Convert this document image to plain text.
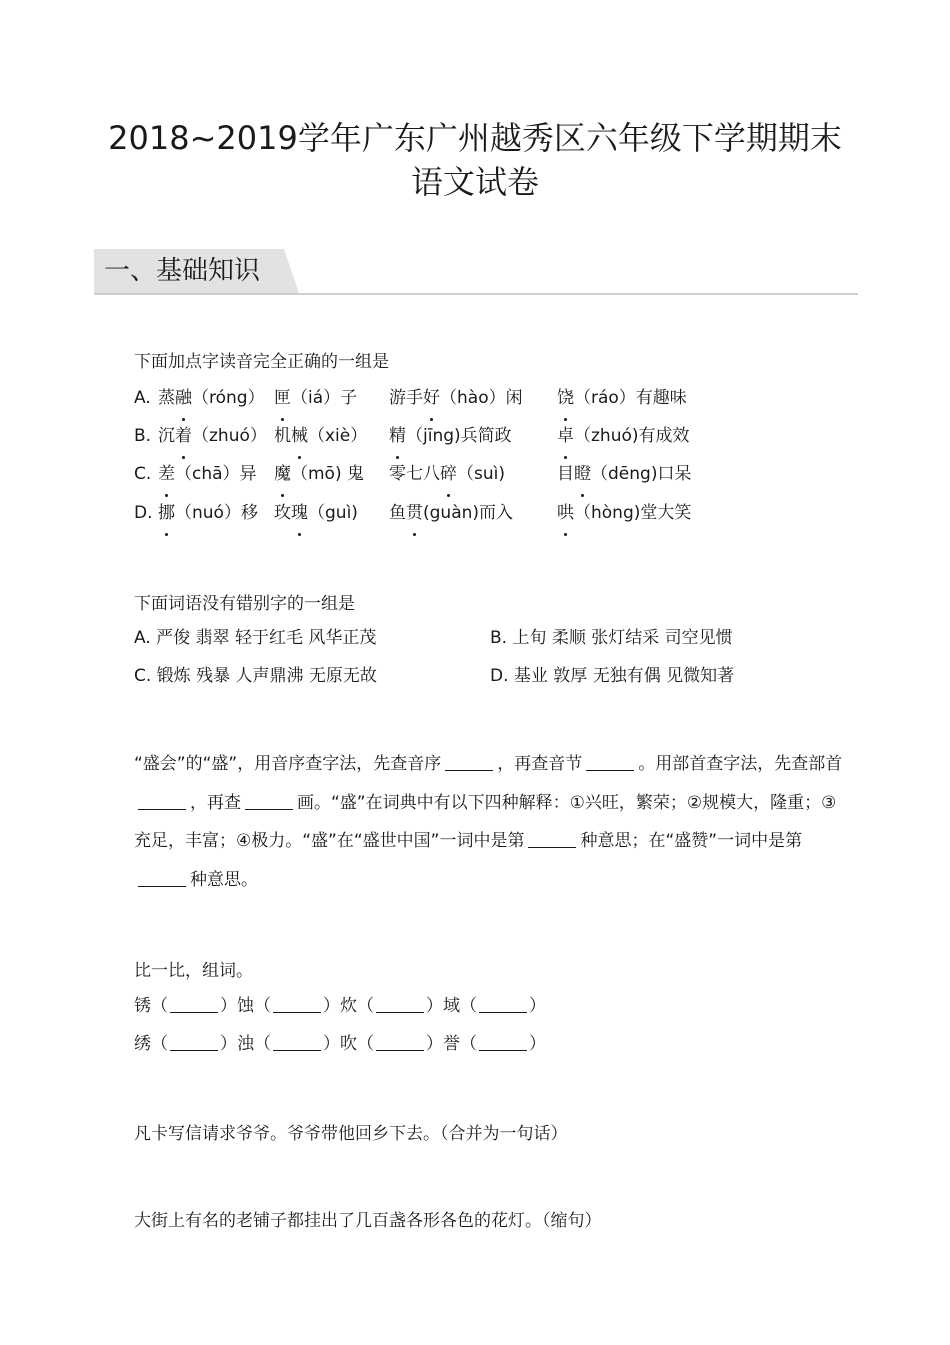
2018~2019学年广东广州越秀区六年级下学期期末
语文试卷
一、基础知识
下面加点字读音完全正确的一组是
A. 蒸融（róng） 匣（iá）子 游手好（hào）闲 饶（ráo）有趣味
B. 沉着（zhuó） 机械（xiè） 精（jīng)兵简政	卓（zhuó)有成效
C. 差（chā）异 魔（mō) 鬼 零七八碎（suì)	目瞪（dēng)口呆
D. 挪（nuó）移 玫瑰（guì) 鱼贯(guàn)而入	哄（hòng)堂大笑
下面词语没有错别字的一组是
A. 严俊 翡翠 轻于红毛 风华正茂	B. 上旬 柔顺 张灯结采 司空见惯
C. 锻炼 残暴 人声鼎沸 无原无故	D. 基业 敦厚 无独有偶 见微知著
“盛会”的“盛”，用音序查字法，先查音序	，再查音节	。用部首查字法，先查部首，再查	画。“盛”在词典中有以下四种解释：①兴旺，繁荣；②规模大，隆重；③充足，丰富；④极力。“盛”在“盛世中国”一词中是第	种意思；在“盛赞”一词中是第种意思。
比一比，组词。
锈（	）蚀（	）炊（	）域（	）
绣（	）浊（	）吹（	）誉（	）
凡卡写信请求爷爷。爷爷带他回乡下去。（合并为一句话）
大街上有名的老铺子都挂出了几百盏各形各色的花灯。（缩句）
